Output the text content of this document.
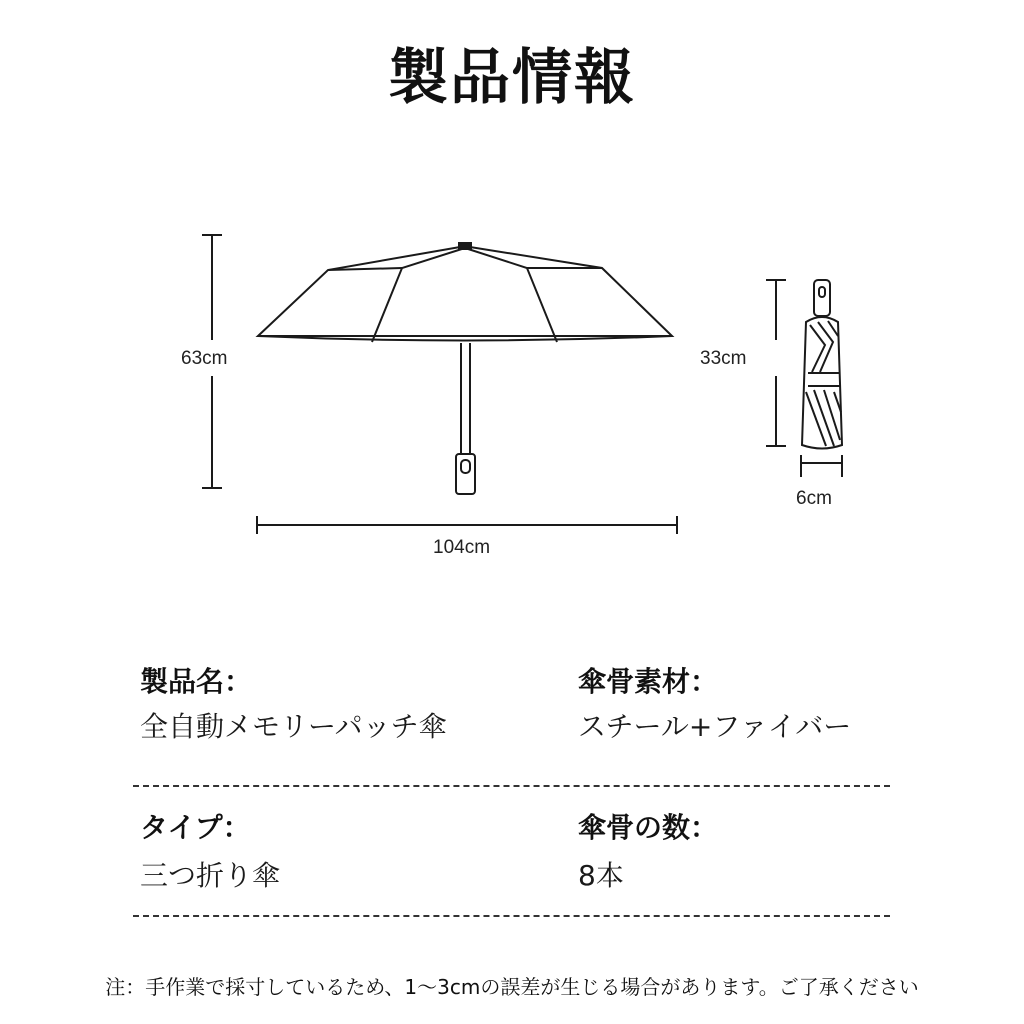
製品情報
63cm
104cm
33cm
6cm
製品名：
全自動メモリーパッチ傘
傘骨素材：
スチール+ファイバー
タイプ：
三つ折り傘
傘骨の数：
8本
注：手作業で採寸しているため、1～3cmの誤差が生じる場合があります。ご了承ください
